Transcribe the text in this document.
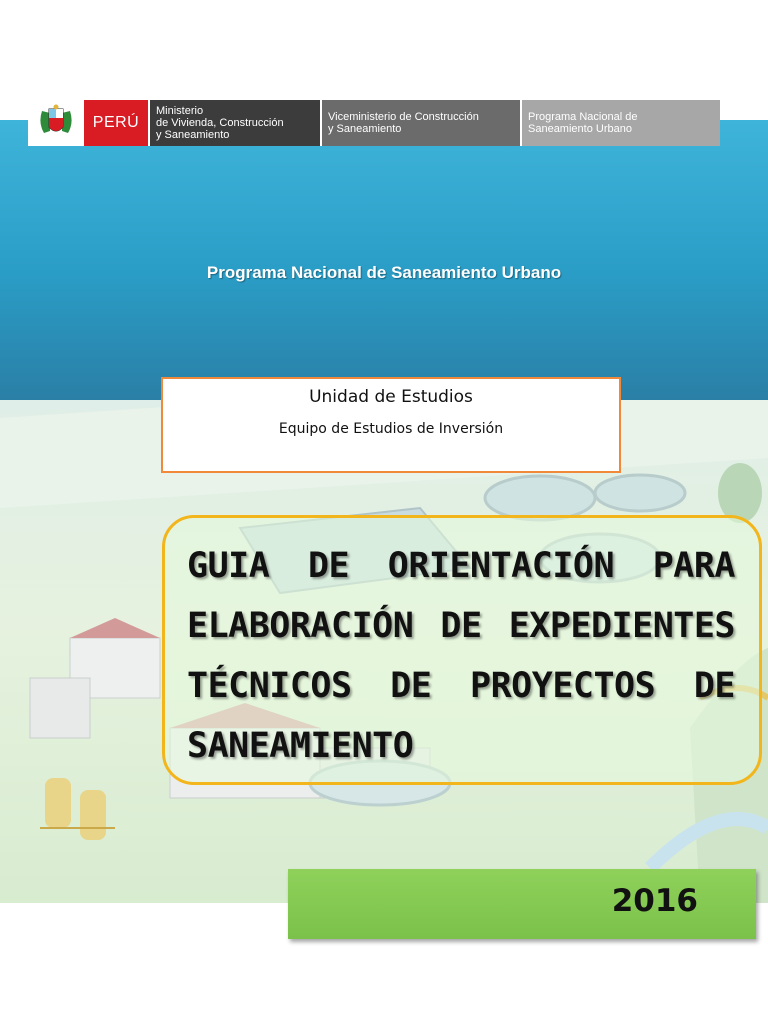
Programa Nacional de Saneamiento Urbano
PERÚ
Ministerio
de Vivienda, Construcción
y Saneamiento
Viceministerio de Construcción
y Saneamiento
Programa Nacional de
Saneamiento Urbano
Unidad de Estudios
Equipo de Estudios de Inversión

GUIA DE ORIENTACIÓN PARA ELABORACIÓN DE EXPEDIENTES TÉCNICOS DE PROYECTOS DE SANEAMIENTO

2016
